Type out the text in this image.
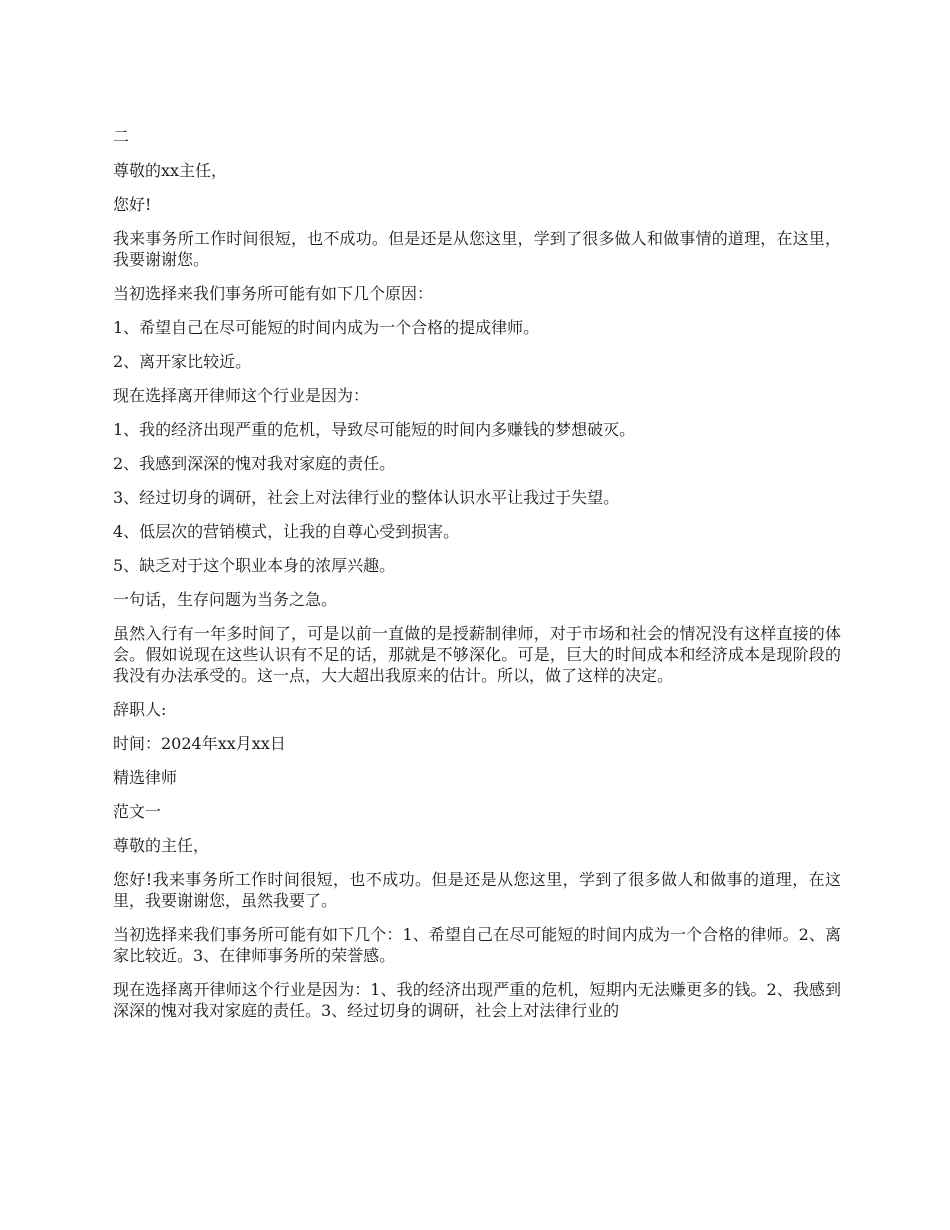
二

尊敬的xx主任，

您好!

我来事务所工作时间很短，也不成功。但是还是从您这里，学到了很多做人和做事情的道理，在这里，我要谢谢您。

当初选择来我们事务所可能有如下几个原因：

1、希望自己在尽可能短的时间内成为一个合格的提成律师。

2、离开家比较近。

现在选择离开律师这个行业是因为：

1、我的经济出现严重的危机，导致尽可能短的时间内多赚钱的梦想破灭。

2、我感到深深的愧对我对家庭的责任。

3、经过切身的调研，社会上对法律行业的整体认识水平让我过于失望。

4、低层次的营销模式，让我的自尊心受到损害。

5、缺乏对于这个职业本身的浓厚兴趣。

一句话，生存问题为当务之急。

虽然入行有一年多时间了，可是以前一直做的是授薪制律师，对于市场和社会的情况没有这样直接的体会。假如说现在这些认识有不足的话，那就是不够深化。可是，巨大的时间成本和经济成本是现阶段的我没有办法承受的。这一点，大大超出我原来的估计。所以，做了这样的决定。

辞职人:

时间：2024年xx月xx日

精选律师

范文一

尊敬的主任，

您好!我来事务所工作时间很短，也不成功。但是还是从您这里，学到了很多做人和做事的道理，在这里，我要谢谢您，虽然我要了。

当初选择来我们事务所可能有如下几个：1、希望自己在尽可能短的时间内成为一个合格的律师。2、离家比较近。3、在律师事务所的荣誉感。

现在选择离开律师这个行业是因为：1、我的经济出现严重的危机，短期内无法赚更多的钱。2、我感到深深的愧对我对家庭的责任。3、经过切身的调研，社会上对法律行业的
